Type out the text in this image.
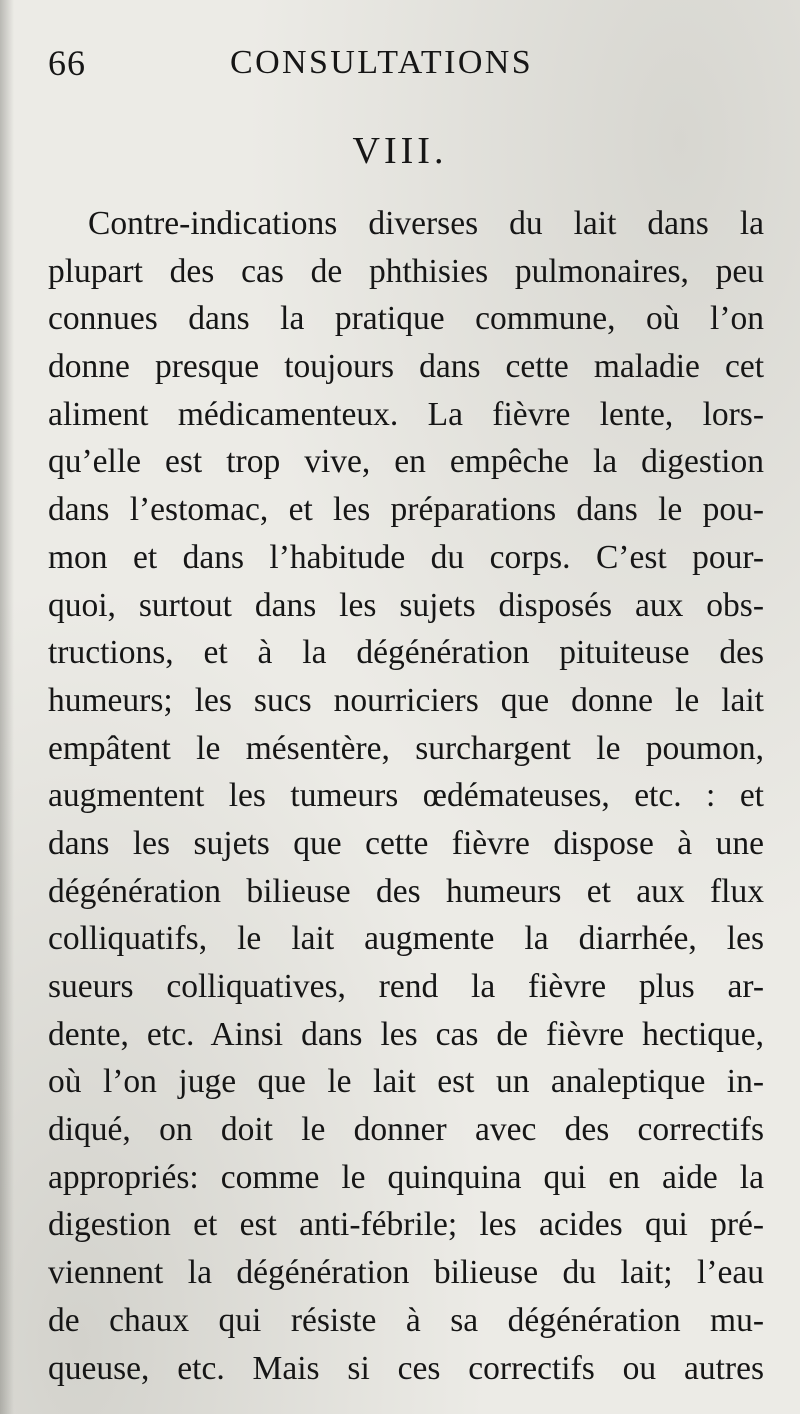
66	CONSULTATIONS
VIII.
Contre-indications diverses du lait dans la
plupart des cas de phthisies pulmonaires, peu
connues dans la pratique commune, où l’on
donne presque toujours dans cette maladie cet
aliment médicamenteux. La fièvre lente, lors-
qu’elle est trop vive, en empêche la digestion
dans l’estomac, et les préparations dans le pou-
mon et dans l’habitude du corps. C’est pour-
quoi, surtout dans les sujets disposés aux obs-
tructions, et à la dégénération pituiteuse des
humeurs; les sucs nourriciers que donne le lait
empâtent le mésentère, surchargent le poumon,
augmentent les tumeurs œdémateuses, etc. : et
dans les sujets que cette fièvre dispose à une
dégénération bilieuse des humeurs et aux flux
colliquatifs, le lait augmente la diarrhée, les
sueurs colliquatives, rend la fièvre plus ar-
dente, etc. Ainsi dans les cas de fièvre hectique,
où l’on juge que le lait est un analeptique in-
diqué, on doit le donner avec des correctifs
appropriés: comme le quinquina qui en aide la
digestion et est anti-fébrile; les acides qui pré-
viennent la dégénération bilieuse du lait; l’eau
de chaux qui résiste à sa dégénération mu-
queuse, etc. Mais si ces correctifs ou autres
